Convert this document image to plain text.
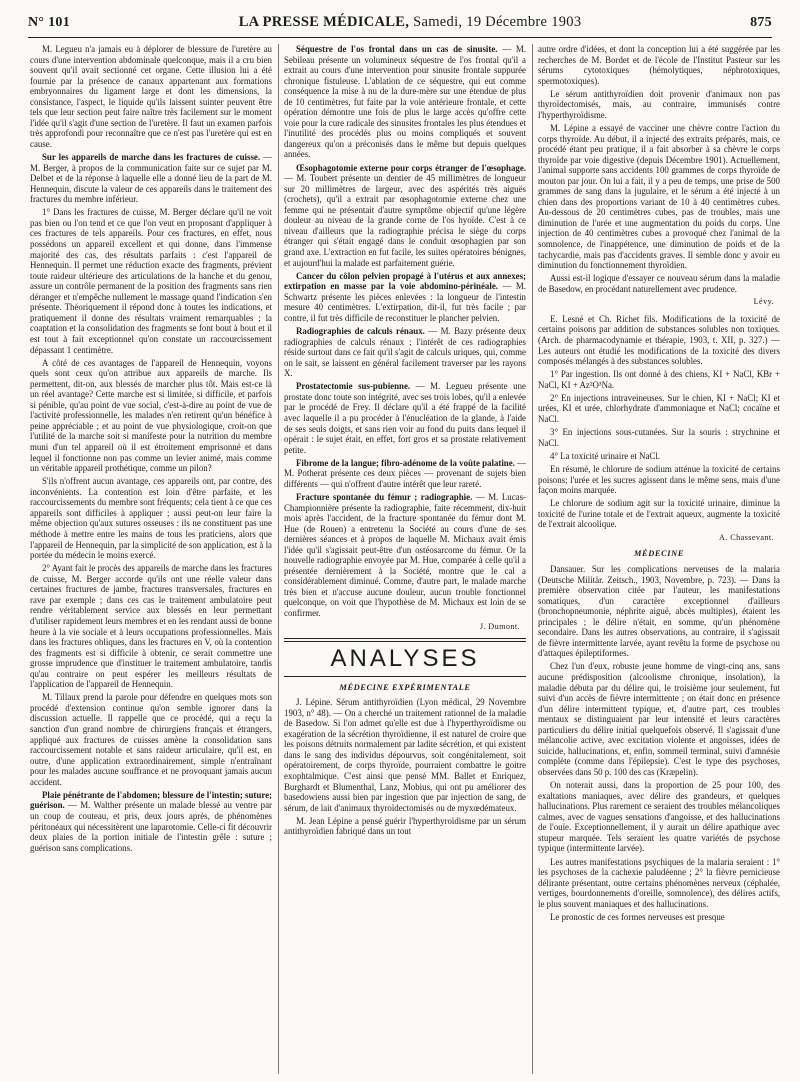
N° 101	LA PRESSE MÉDICALE, Samedi, 19 Décembre 1903	875

M. Legueu n'a jamais eu à déplorer de blessure de l'uretère au cours d'une intervention abdominale quelconque, mais il a cru bien souvent qu'il avait sectionné cet organe. Cette illusion lui a été fournie par la présence de canaux appartenant aux formations embryonnaires du ligament large et dont les dimensions, la consistance, l'aspect, le liquide qu'ils laissent suinter peuvent être tels que leur section peut faire naître très facilement sur le moment l'idée qu'il s'agit d'une section de l'uretère. Il faut un examen parfois très approfondi pour reconnaître que ce n'est pas l'uretère qui est en cause.

Sur les appareils de marche dans les fractures de cuisse. — M. Berger, à propos de la communication faite sur ce sujet par M. Delbet et de la réponse à laquelle elle a donné lieu de la part de M. Hennequin, discute la valeur de ces appareils dans le traitement des fractures du membre inférieur.

1° Dans les fractures de cuisse, M. Berger déclare qu'il ne voit pas bien ou l'on tend et ce que l'on veut en proposant d'appliquer à ces fractures de tels appareils. Pour ces fractures, en effet, nous possédons un appareil excellent et qui donne, dans l'immense majorité des cas, des résultats parfaits : c'est l'appareil de Hennequin. Il permet une réduction exacte des fragments, prévient toute raideur ultérieure des articulations de la hanche et du genou, assure un contrôle permanent de la position des fragments sans rien déranger et n'empêche nullement le massage quand l'indication s'en présente. Théoriquement il répond donc à toutes les indications, et pratiquement il donne des résultats vraiment remarquables ; la coaptation et la consolidation des fragments se font bout à bout et il est tout à fait exceptionnel qu'on constate un raccourcissement dépassant 1 centimètre.

A côté de ces avantages de l'appareil de Hennequin, voyons quels sont ceux qu'on attribue aux appareils de marche. Ils permettent, dit-on, aux blessés de marcher plus tôt. Mais est-ce là un réel avantage? Cette marche est si limitée, si difficile, et parfois si pénible, qu'au point de vue social, c'est-à-dire au point de vue de l'activité professionnelle, les malades n'en retirent qu'un bénéfice à peine appréciable ; et au point de vue physiologique, croit-on que l'utilité de la marche soit si manifeste pour la nutrition du membre muni d'un tel appareil où il est étroitement emprisonné et dans lequel il fonctionne non pas comme un levier animé, mais comme un véritable appareil prothétique, comme un pilon?

S'ils n'offrent aucun avantage, ces appareils ont, par contre, des inconvénients. La contention est loin d'être parfaite, et les raccourcissements du membre sont fréquents; cela tient à ce que ces appareils sont difficiles à appliquer ; aussi peut-on leur faire la même objection qu'aux sutures osseuses : ils ne constituent pas une méthode à mettre entre les mains de tous les praticiens, alors que l'appareil de Hennequin, par la simplicité de son application, est à la portée du médecin le moins exercé.

2° Ayant fait le procès des appareils de marche dans les fractures de cuisse, M. Berger accorde qu'ils ont une réelle valeur dans certaines fractures de jambe, fractures transversales, fractures en rave par exemple ; dans ces cas le traitement ambulatoire peut rendre véritablement service aux blessés en leur permettant d'utiliser rapidement leurs membres et en les rendant aussi de bonne heure à la vie sociale et à leurs occupations professionnelles. Mais dans les fractures obliques, dans les fractures en V, où la contention des fragments est si difficile à obtenir, ce serait commettre une grosse imprudence que d'instituer le traitement ambulatoire, tandis qu'au contraire on peut espérer les meilleurs résultats de l'application de l'appareil de Hennequin.

M. Tillaux prend la parole pour défendre en quelques mots son procédé d'extension continue qu'on semble ignorer dans la discussion actuelle. Il rappelle que ce procédé, qui a reçu la sanction d'un grand nombre de chirurgiens français et étrangers, appliqué aux fractures de cuisses amène la consolidation sans raccourcissement notable et sans raideur articulaire, qu'il est, en outre, d'une application extraordinairement, simple n'entraînant pour les malades aucune souffrance et ne provoquant jamais aucun accident.

Plaie pénétrante de l'abdomen; blessure de l'intestin; suture; guérison. — M. Walther présente un malade blessé au ventre par un coup de couteau, et pris, deux jours après, de phénomènes péritonéaux qui nécessitèrent une laparotomie. Celle-ci fit découvrir deux plaies de la portion initiale de l'intestin grêle : suture ; guérison sans complications.

Séquestre de l'os frontal dans un cas de sinusite. — M. Sebileau présente un volumineux séquestre de l'os frontal qu'il a extrait au cours d'une intervention pour sinusite frontale suppurée chronique fistuleuse. L'ablation de ce séquestre, qui eut comme conséquence la mise à nu de la dure-mère sur une étendue de plus de 10 centimètres, fut faite par la voie antérieure frontale, et cette opération démontre une fois de plus le large accès qu'offre cette voie pour la cure radicale des sinusites frontales les plus étendues et l'inutilité des procédés plus ou moins compliqués et souvent dangereux qu'on a préconisés dans le même but depuis quelques années.

Œsophagotomie externe pour corps étranger de l'œsophage. — M. Toubert présente un dentier de 45 millimètres de longueur sur 20 millimètres de largeur, avec des aspérités très aiguës (crochets), qu'il a extrait par œsophagotomie externe chez une femme qui ne présentait d'autre symptôme objectif qu'une légère douleur au niveau de la grande corne de l'os hyoïde. C'est à ce niveau d'ailleurs que la radiographie précisa le siège du corps étranger qui s'était engagé dans le conduit œsophagien par son grand axe. L'extraction en fut facile, les suites opératoires bénignes, et aujourd'hui la malade est parfaitement guérie.

Cancer du côlon pelvien propagé à l'utérus et aux annexes; extirpation en masse par la voie abdomino-périnéale. — M. Schwartz présente les pièces enlevées : la longueur de l'intestin mesure 40 centimètres. L'extirpation, dit-il, fut très facile ; par contre, il fut très difficile de reconstituer le plancher pelvien.

Radiographies de calculs rénaux. — M. Bazy présente deux radiographies de calculs rénaux ; l'intérêt de ces radiographies réside surtout dans ce fait qu'il s'agit de calculs uriques, qui, comme on le sait, se laissent en général facilement traverser par les rayons X.

Prostatectomie sus-pubienne. — M. Legueu présente une prostate donc toute son intégrité, avec ses trois lobes, qu'il a enlevée par le procédé de Frey. Il déclare qu'il a été frappé de la facilité avec laquelle il a pu procéder à l'énucléation de la glande, à l'aide de ses seuls doigts, et sans rien voir au fond du puits dans lequel il opérait : le sujet était, en effet, fort gros et sa prostate relativement petite.

Fibrome de la langue; fibro-adénome de la voûte palatine. — M. Potherat présente ces deux pièces — provenant de sujets bien différents — qui n'offrent d'autre intérêt que leur rareté.

Fracture spontanée du fémur ; radiographie. — M. Lucas-Championnière présente la radiographie, faite récemment, dix-huit mois après l'accident, de la fracture spontanée du fémur dont M. Hue (de Rouen) a entretenu la Société au cours d'une de ses dernières séances et à propos de laquelle M. Michaux avait émis l'idée qu'il s'agissait peut-être d'un ostéosarcome du fémur. Or la nouvelle radiographie envoyée par M. Hue, comparée à celle qu'il a présentée dernièrement à la Société, montre que le cal a considérablement diminué. Comme, d'autre part, le malade marche très bien et n'accuse aucune douleur, aucun trouble fonctionnel quelconque, on voit que l'hypothèse de M. Michaux est loin de se confirmer.

J. Dumont.

ANALYSES
MÉDECINE EXPÉRIMENTALE

J. Lépine. Sérum antithyroïdien (Lyon médical, 29 Novembre 1903, n° 48). — On a cherché un traitement rationnel de la maladie de Basedow. Si l'on admet qu'elle est due à l'hyperthyroïdisme ou exagération de la sécrétion thyroïdienne, il est naturel de croire que les poisons détruits normalement par ladite sécrétion, et qui existent dans le sang des individus dépourvus, soit congénitalement, soit opératoirement, de corps thyroïde, pourraient combattre le goitre exophtalmique. C'est ainsi que pensé MM. Ballet et Enriquez, Burghardt et Blumenthal, Lanz, Mobius, qui ont pu améliorer des basedowiens aussi bien par ingestion que par injection de sang, de sérum, de lait d'animaux thyroïdectomisés ou de myxœdémateux.

M. Jean Lépine a pensé guérir l'hyperthyroïdisme par un sérum antithyroïdien fabriqué dans un tout

autre ordre d'idées, et dont la conception lui a été suggérée par les recherches de M. Bordet et de l'école de l'Institut Pasteur sur les sérums cytotoxiques (hémolytiques, néphrotoxiques, spermotoxiques).

Le sérum antithyroïdien doit provenir d'animaux non pas thyroïdectomisés, mais, au contraire, immunisés contre l'hyperthyroïdisme.

M. Lépine a essayé de vacciner une chèvre contre l'action du corps thyroïde. Au début, il a injecté des extraits préparés, mais, ce procédé étant peu pratique, il a fait absorber à sa chèvre le corps thyroïde par voie digestive (depuis Décembre 1901). Actuellement, l'animal supporte sans accidents 100 grammes de corps thyroïde de mouton par jour. On lui a fait, il y a peu de temps, une prise de 500 grammes de sang dans la jugulaire, et le sérum a été injecté à un chien dans des proportions variant de 10 à 40 centimètres cubes. Au-dessous de 20 centimètres cubes, pas de troubles, mais une diminution de l'urée et une augmentation du poids du corps. Une injection de 40 centimètres cubes a provoqué chez l'animal de la somnolence, de l'inappétence, une diminution de poids et de la tachycardie, mais pas d'accidents graves. Il semble donc y avoir eu diminution du fonctionnement thyroïdien.

Aussi est-il logique d'essayer ce nouveau sérum dans la maladie de Basedow, en procédant naturellement avec prudence.

Lévy.

E. Lesné et Ch. Richet fils. Modifications de la toxicité de certains poisons par addition de substances solubles non toxiques. (Arch. de pharmacodynamie et thérapie, 1903, t. XII, p. 327.) — Les auteurs ont étudié les modifications de la toxicité des divers composés mélangés à des substances solubles.

1° Par ingestion. Ils ont donné à des chiens, KI + NaCl, KBr + NaCl, KI + Az²O³Na.

2° En injections intraveineuses. Sur le chien, KI + NaCl; KI et urées, KI et urée, chlorhydrate d'ammoniaque et NaCl; cocaïne et NaCl.

3° En injections sous-cutanées. Sur la souris : strychnine et NaCl.

4° La toxicité urinaire et NaCl.

En résumé, le chlorure de sodium atténue la toxicité de certains poisons; l'urée et les sucres agissent dans le même sens, mais d'une façon moins marquée.

Le chlorure de sodium agit sur la toxicité urinaire, diminue la toxicité de l'urine totale et de l'extrait aqueux, augmente la toxicité de l'extrait alcoolique.

A. Chassevant.

MÉDECINE

Dansauer. Sur les complications nerveuses de la malaria (Deutsche Militär. Zeitsch., 1903, Novembre, p. 723). — Dans la première observation citée par l'auteur, les manifestations somatiques, d'un caractère exceptionnel d'ailleurs (bronchopneumonie, néphrite aiguë, abcès multiples), étaient les principales ; le délire n'était, en somme, qu'un phénomène secondaire. Dans les autres observations, au contraire, il s'agissait de fièvre intermittente larvée, ayant revêtu la forme de psychose ou d'attaques épileptiformes.

Chez l'un d'eux, robuste jeune homme de vingt-cinq ans, sans aucune prédisposition (alcoolisme chronique, insolation), la maladie débuta par du délire qui, le troisième jour seulement, fut suivi d'un accès de fièvre intermittente ; on était donc en présence d'un délire intermittent typique, et, d'autre part, ces troubles mentaux se distinguaient par leur intensité et leurs caractères particuliers du délire initial quelquefois observé. Il s'agissait d'une mélancolie active, avec excitation violente et angoisses, idées de suicide, hallucinations, et, enfin, sommeil terminal, suivi d'amnésie complète (comme dans l'épilepsie). C'est le type des psychoses, observées dans 50 p. 100 des cas (Kræpelin).

On noterait aussi, dans la proportion de 25 pour 100, des exaltations maniaques, avec délire des grandeurs, et quelques hallucinations. Plus rarement ce seraient des troubles mélancoliques calmes, avec de vagues sensations d'angoisse, et des hallucinations de l'ouïe. Exceptionnellement, il y aurait un délire apathique avec stupeur marquée. Tels seraient les quatre variétés de psychose typique (intermittente larvée).

Les autres manifestations psychiques de la malaria seraient : 1° les psychoses de la cachexie paludéenne ; 2° la fièvre pernicieuse délirante présentant, outre certains phénomènes nerveux (céphalée, vertiges, bourdonnements d'oreille, somnolence), des délires actifs, le plus souvent maniaques et des hallucinations.

Le pronostic de ces formes nerveuses est presque
